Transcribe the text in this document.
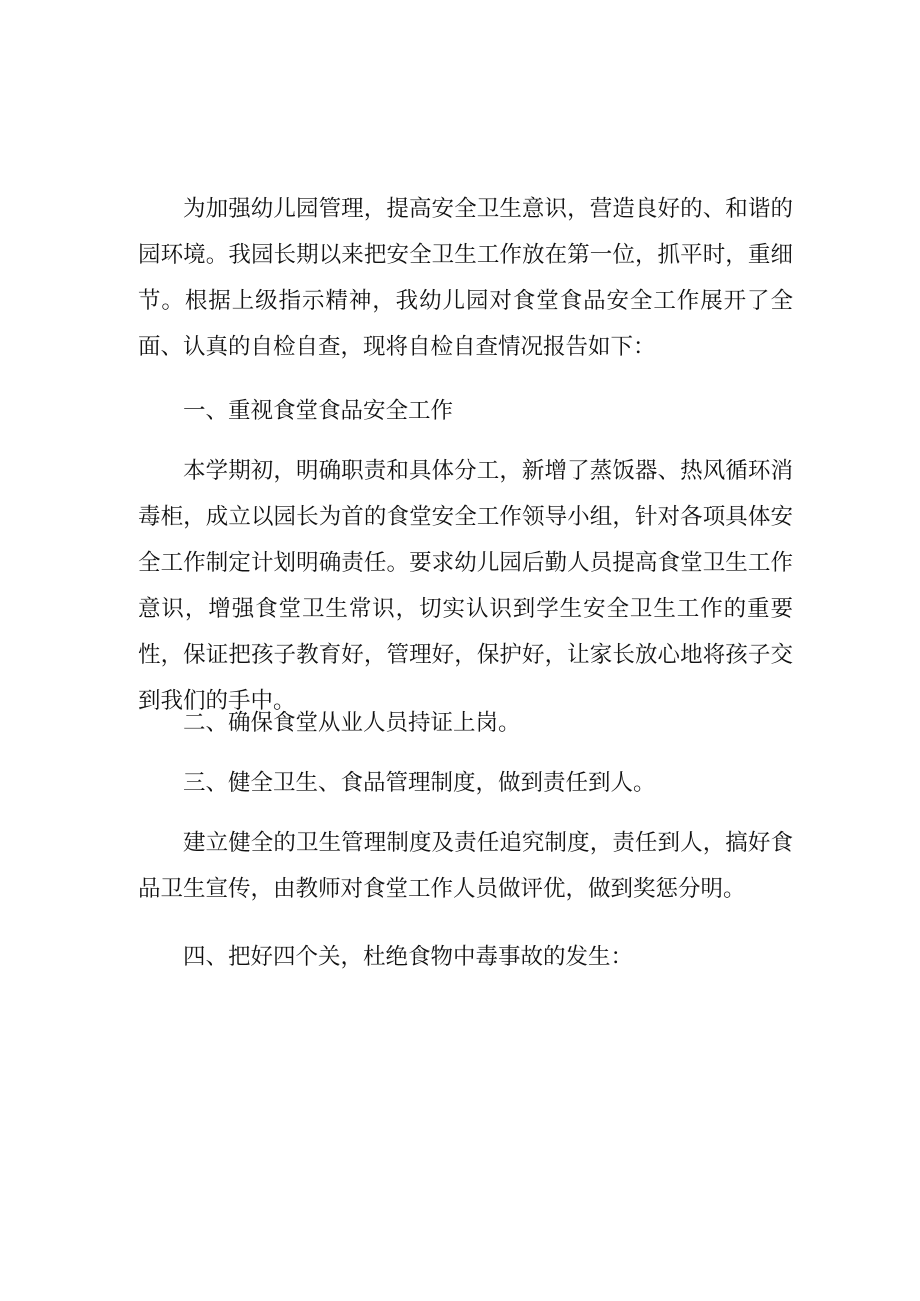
为加强幼儿园管理，提高安全卫生意识，营造良好的、和谐的园环境。我园长期以来把安全卫生工作放在第一位，抓平时，重细节。根据上级指示精神，我幼儿园对食堂食品安全工作展开了全面、认真的自检自查，现将自检自查情况报告如下：

一、重视食堂食品安全工作

本学期初，明确职责和具体分工，新增了蒸饭器、热风循环消毒柜，成立以园长为首的食堂安全工作领导小组，针对各项具体安全工作制定计划明确责任。要求幼儿园后勤人员提高食堂卫生工作意识，增强食堂卫生常识，切实认识到学生安全卫生工作的重要性，保证把孩子教育好，管理好，保护好，让家长放心地将孩子交到我们的手中。

二、确保食堂从业人员持证上岗。

三、健全卫生、食品管理制度，做到责任到人。

建立健全的卫生管理制度及责任追究制度，责任到人，搞好食品卫生宣传，由教师对食堂工作人员做评优，做到奖惩分明。

四、把好四个关，杜绝食物中毒事故的发生：
